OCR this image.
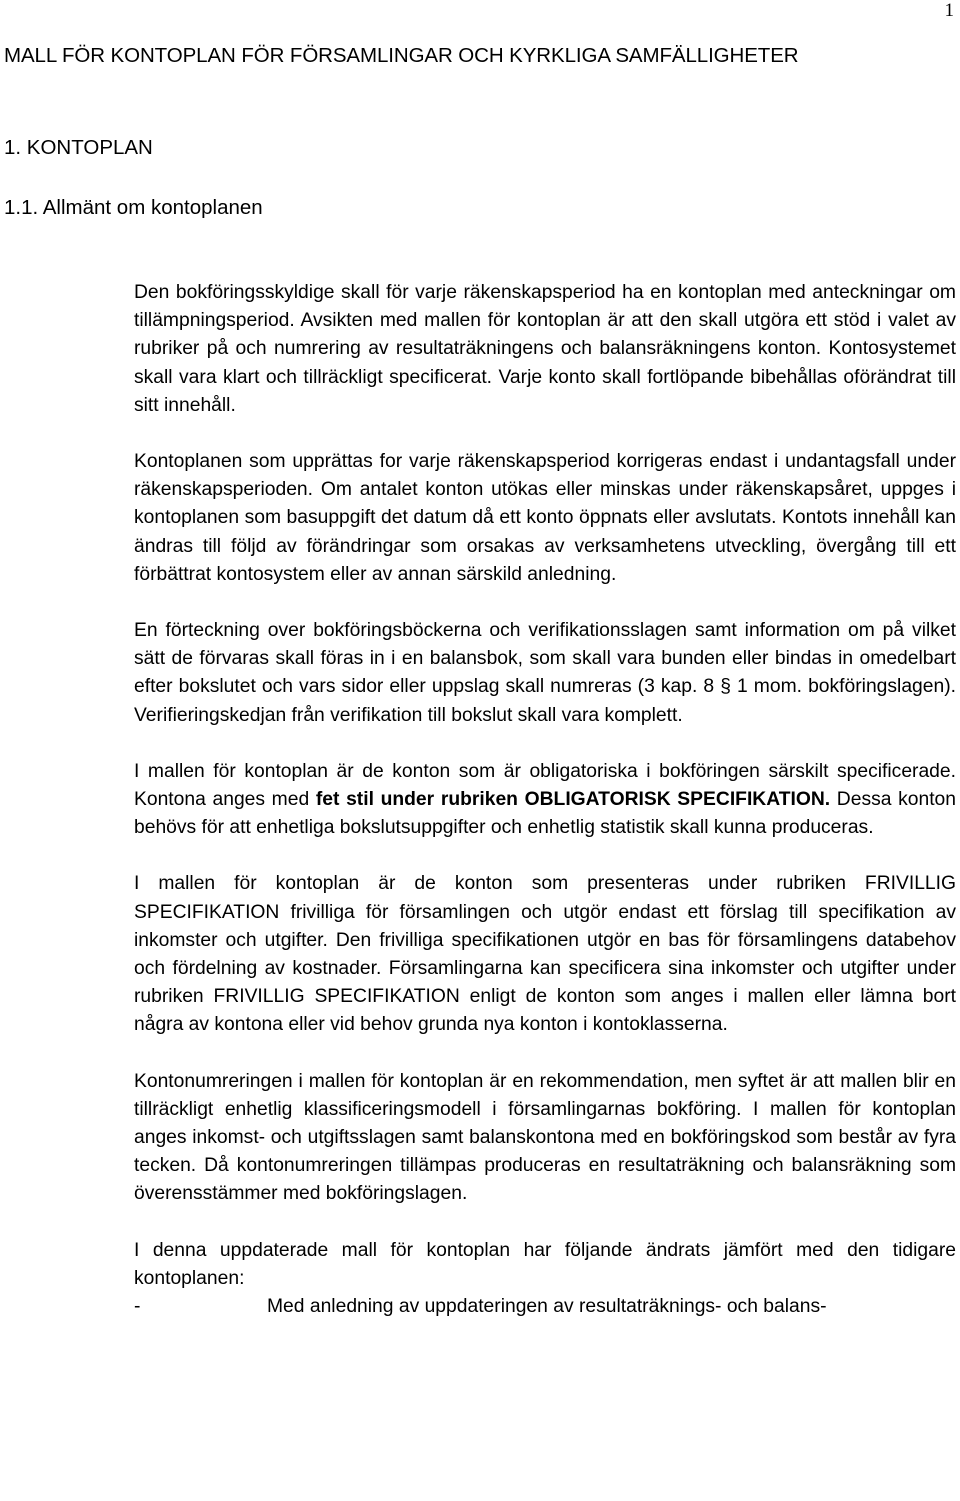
1
MALL FÖR KONTOPLAN FÖR FÖRSAMLINGAR OCH KYRKLIGA SAMFÄLLIGHETER
1. KONTOPLAN
1.1. Allmänt om kontoplanen

Den bokföringsskyldige skall för varje räkenskapsperiod ha en kontoplan med anteckningar om tillämpningsperiod. Avsikten med mallen för kontoplan är att den skall utgöra ett stöd i valet av rubriker på och numrering av resultaträkningens och balansräkningens konton. Kontosystemet skall vara klart och tillräckligt specificerat. Varje konto skall fortlöpande bibehållas oförändrat till sitt innehåll.

Kontoplanen som upprättas for varje räkenskapsperiod korrigeras endast i undantagsfall under räkenskapsperioden. Om antalet konton utökas eller minskas under räkenskapsåret, uppges i kontoplanen som basuppgift det datum då ett konto öppnats eller avslutats. Kontots innehåll kan ändras till följd av förändringar som orsakas av verksamhetens utveckling, övergång till ett förbättrat kontosystem eller av annan särskild anledning.

En förteckning over bokföringsböckerna och verifikationsslagen samt information om på vilket sätt de förvaras skall föras in i en balansbok, som skall vara bunden eller bindas in omedelbart efter bokslutet och vars sidor eller uppslag skall numreras (3 kap. 8 § 1 mom. bokföringslagen). Verifieringskedjan från verifikation till bokslut skall vara komplett.

I mallen för kontoplan är de konton som är obligatoriska i bokföringen särskilt specificerade. Kontona anges med fet stil under rubriken OBLIGATORISK SPECIFIKATION. Dessa konton behövs för att enhetliga bokslutsuppgifter och enhetlig statistik skall kunna produceras.

I mallen för kontoplan är de konton som presenteras under rubriken FRIVILLIG SPECIFIKATION frivilliga för församlingen och utgör endast ett förslag till specifikation av inkomster och utgifter. Den frivilliga specifikationen utgör en bas för församlingens databehov och fördelning av kostnader. Församlingarna kan specificera sina inkomster och utgifter under rubriken FRIVILLIG SPECIFIKATION enligt de konton som anges i mallen eller lämna bort några av kontona eller vid behov grunda nya konton i kontoklasserna.

Kontonumreringen i mallen för kontoplan är en rekommendation, men syftet är att mallen blir en tillräckligt enhetlig klassificeringsmodell i församlingarnas bokföring. I mallen för kontoplan anges inkomst- och utgiftsslagen samt balanskontona med en bokföringskod som består av fyra tecken. Då kontonumreringen tillämpas produceras en resultaträkning och balansräkning som överensstämmer med bokföringslagen.

I denna uppdaterade mall för kontoplan har följande ändrats jämfört med den tidigare kontoplanen:

-	Med anledning av uppdateringen av resultaträknings- och balans-
